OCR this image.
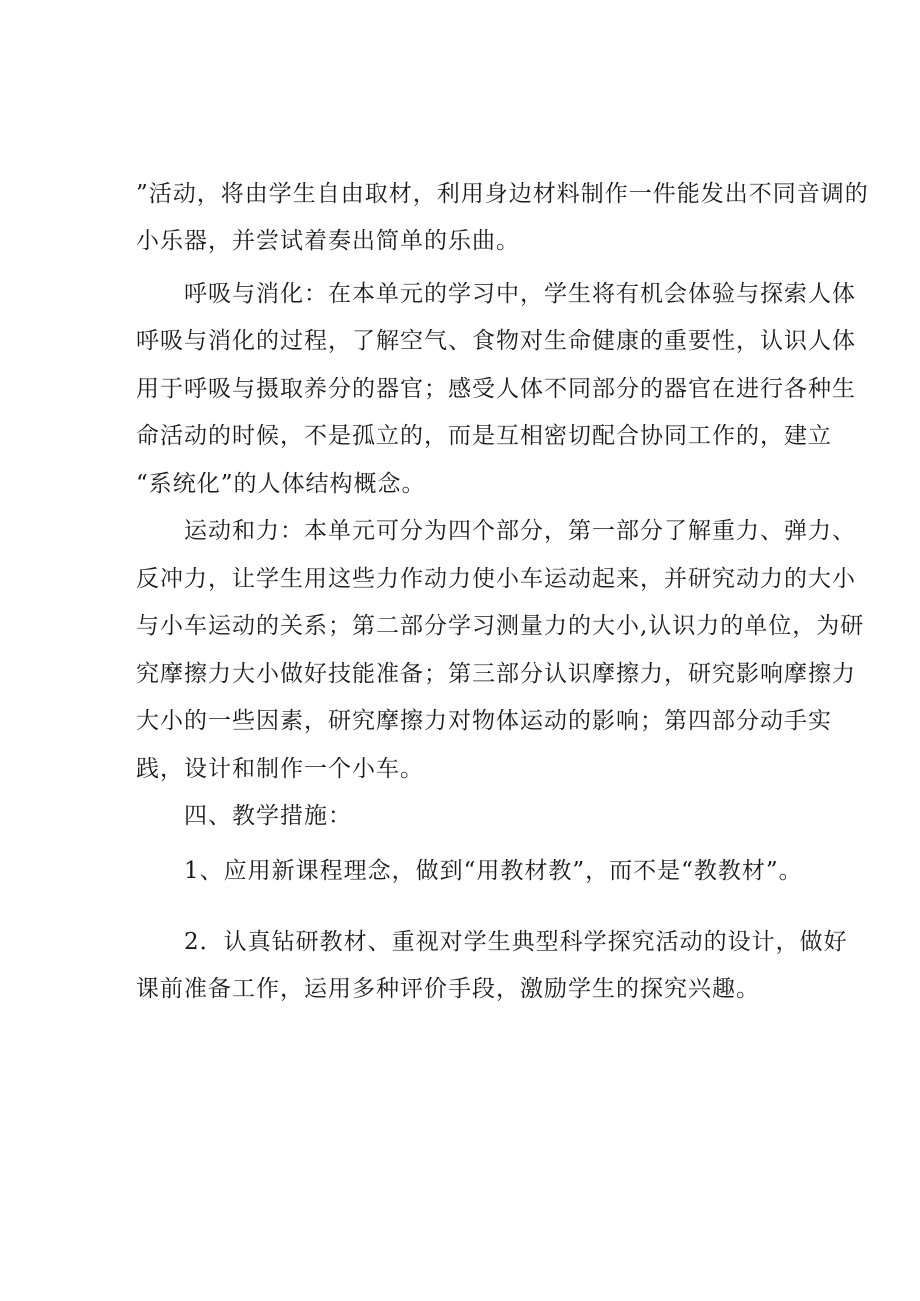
”活动，将由学生自由取材，利用身边材料制作一件能发出不同音调的
小乐器，并尝试着奏出简单的乐曲。
呼吸与消化：在本单元的学习中，学生将有机会体验与探索人体
呼吸与消化的过程，了解空气、食物对生命健康的重要性，认识人体
用于呼吸与摄取养分的器官；感受人体不同部分的器官在进行各种生
命活动的时候，不是孤立的，而是互相密切配合协同工作的，建立
“系统化”的人体结构概念。
运动和力：本单元可分为四个部分，第一部分了解重力、弹力、
反冲力，让学生用这些力作动力使小车运动起来，并研究动力的大小
与小车运动的关系；第二部分学习测量力的大小,认识力的单位，为研
究摩擦力大小做好技能准备；第三部分认识摩擦力，研究影响摩擦力
大小的一些因素，研究摩擦力对物体运动的影响；第四部分动手实
践，设计和制作一个小车。
四、教学措施：
1、应用新课程理念，做到“用教材教”，而不是“教教材”。
2．认真钻研教材、重视对学生典型科学探究活动的设计，做好
课前准备工作，运用多种评价手段，激励学生的探究兴趣。
